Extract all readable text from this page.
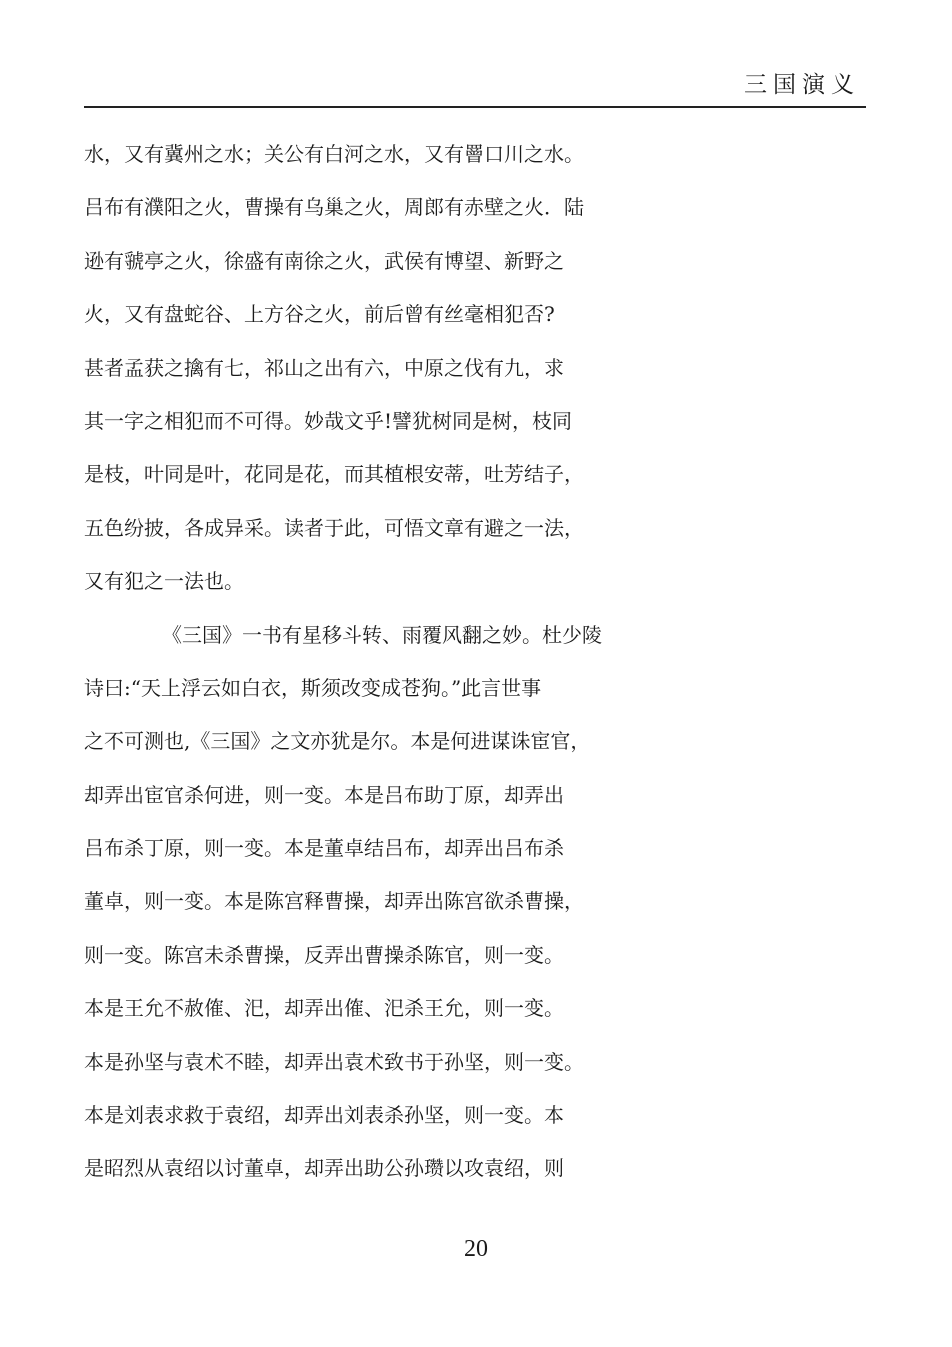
三国演义
水，又有冀州之水；关公有白河之水，又有罾口川之水。
吕布有濮阳之火，曹操有乌巢之火，周郎有赤壁之火．陆
逊有虢亭之火，徐盛有南徐之火，武侯有博望、新野之
火，又有盘蛇谷、上方谷之火，前后曾有丝毫相犯否?
甚者孟获之擒有七，祁山之出有六，中原之伐有九，求
其一字之相犯而不可得。妙哉文乎!譬犹树同是树，枝同
是枝，叶同是叶，花同是花，而其植根安蒂，吐芳结子，
五色纷披，各成异采。读者于此，可悟文章有避之一法，
又有犯之一法也。
《三国》一书有星移斗转、雨覆风翻之妙。杜少陵
诗曰:“天上浮云如白衣，斯须改变成苍狗。”此言世事
之不可测也,《三国》之文亦犹是尔。本是何进谋诛宦官，
却弄出宦官杀何进，则一变。本是吕布助丁原，却弄出
吕布杀丁原，则一变。本是董卓结吕布，却弄出吕布杀
董卓，则一变。本是陈宫释曹操，却弄出陈宫欲杀曹操，
则一变。陈宫未杀曹操，反弄出曹操杀陈官，则一变。
本是王允不赦傕、汜，却弄出傕、汜杀王允，则一变。
本是孙坚与袁术不睦，却弄出袁术致书于孙坚，则一变。
本是刘表求救于袁绍，却弄出刘表杀孙坚，则一变。本
是昭烈从袁绍以讨董卓，却弄出助公孙瓒以攻袁绍，则
20
